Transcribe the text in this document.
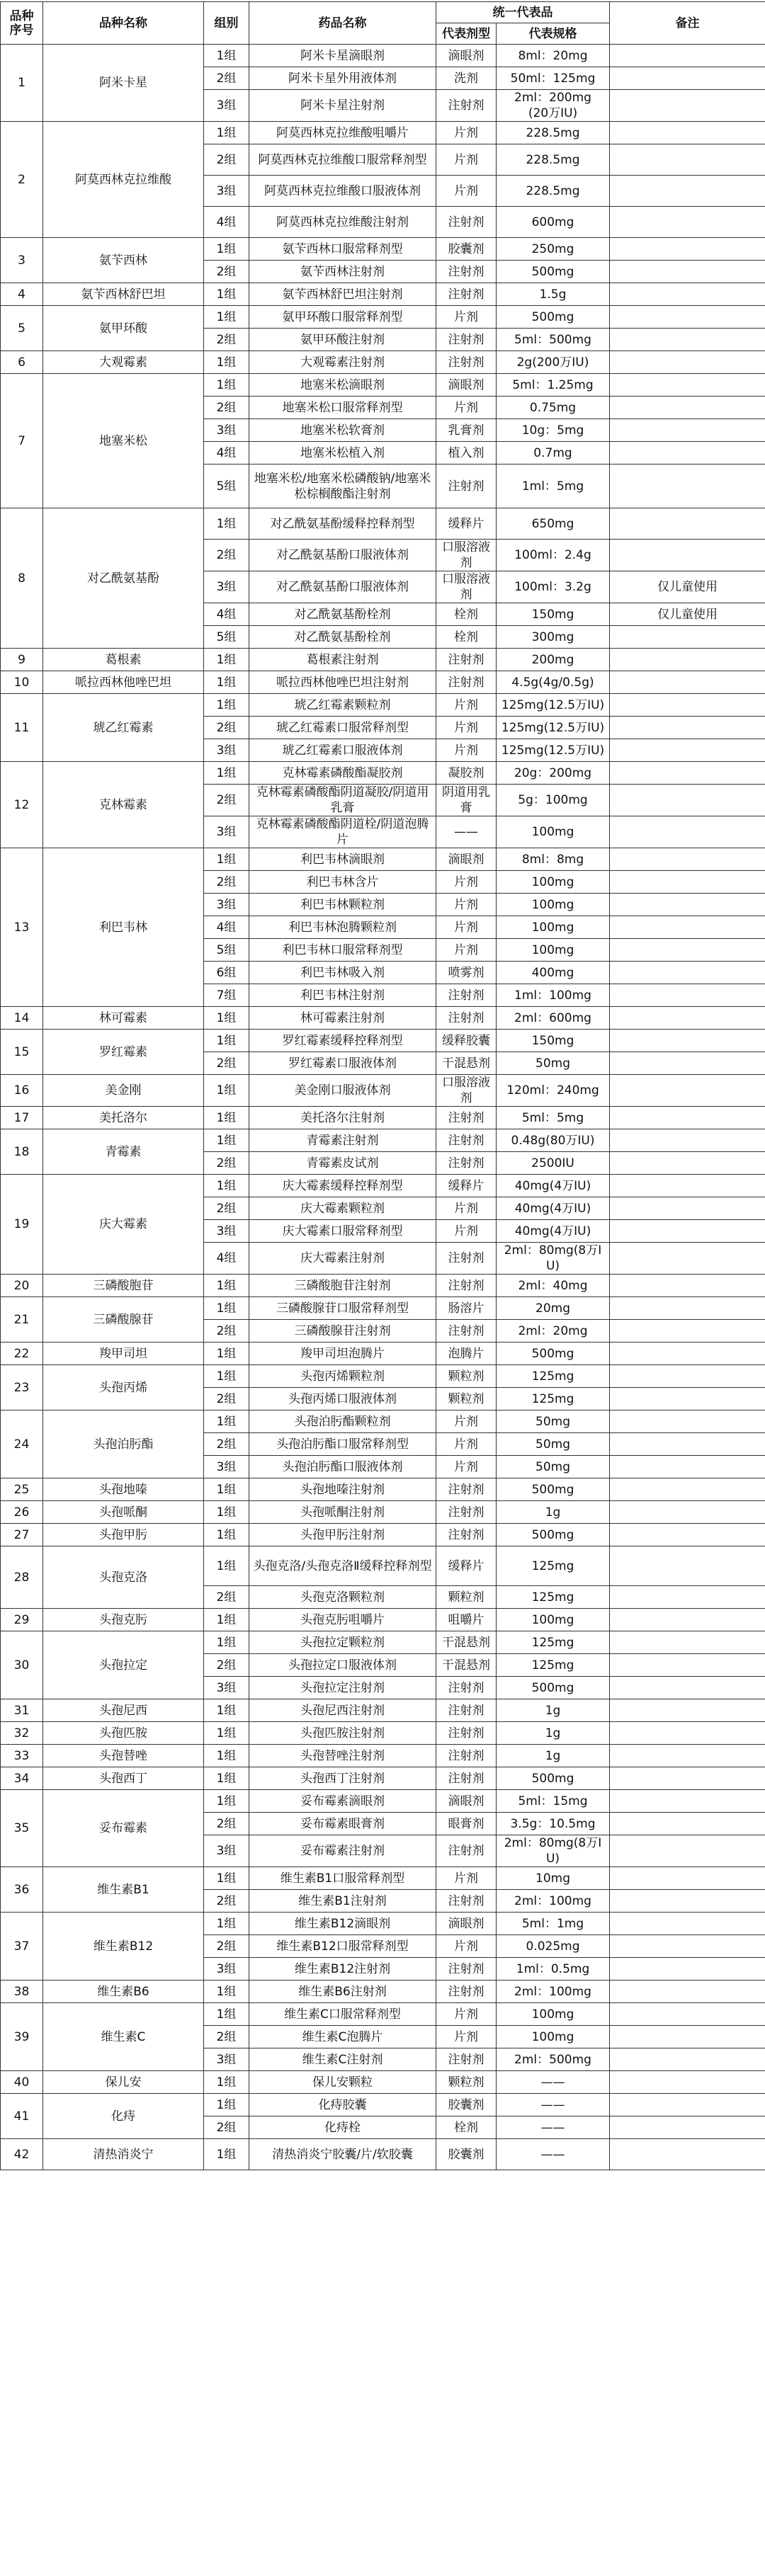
品种
序号	品种名称	组别	药品名称	统一代表品		备注
				代表剂型	代表规格	
1	阿米卡星	1组	阿米卡星滴眼剂	滴眼剂	8ml：20mg	
		2组	阿米卡星外用液体剂	洗剂	50ml：125mg	
		3组	阿米卡星注射剂	注射剂	2ml：200mg
(20万IU)	
2	阿莫西林克拉维酸	1组	阿莫西林克拉维酸咀嚼片	片剂	228.5mg	
		2组	阿莫西林克拉维酸口服常释剂型	片剂	228.5mg	
		3组	阿莫西林克拉维酸口服液体剂	片剂	228.5mg	
		4组	阿莫西林克拉维酸注射剂	注射剂	600mg	
3	氨苄西林	1组	氨苄西林口服常释剂型	胶囊剂	250mg	
		2组	氨苄西林注射剂	注射剂	500mg	
4	氨苄西林舒巴坦	1组	氨苄西林舒巴坦注射剂	注射剂	1.5g	
5	氨甲环酸	1组	氨甲环酸口服常释剂型	片剂	500mg	
		2组	氨甲环酸注射剂	注射剂	5ml：500mg	
6	大观霉素	1组	大观霉素注射剂	注射剂	2g(200万IU)	
7	地塞米松	1组	地塞米松滴眼剂	滴眼剂	5ml：1.25mg	
		2组	地塞米松口服常释剂型	片剂	0.75mg	
		3组	地塞米松软膏剂	乳膏剂	10g：5mg	
		4组	地塞米松植入剂	植入剂	0.7mg	
		5组	地塞米松/地塞米松磷酸钠/地塞米松棕榈酸酯注射剂	注射剂	1ml：5mg	
8	对乙酰氨基酚	1组	对乙酰氨基酚缓释控释剂型	缓释片	650mg	
		2组	对乙酰氨基酚口服液体剂	口服溶液剂	100ml：2.4g	
		3组	对乙酰氨基酚口服液体剂	口服溶液剂	100ml：3.2g	仅儿童使用
		4组	对乙酰氨基酚栓剂	栓剂	150mg	仅儿童使用
		5组	对乙酰氨基酚栓剂	栓剂	300mg	
9	葛根素	1组	葛根素注射剂	注射剂	200mg	
10	哌拉西林他唑巴坦	1组	哌拉西林他唑巴坦注射剂	注射剂	4.5g(4g/0.5g)	
11	琥乙红霉素	1组	琥乙红霉素颗粒剂	片剂	125mg(12.5万IU)	
		2组	琥乙红霉素口服常释剂型	片剂	125mg(12.5万IU)	
		3组	琥乙红霉素口服液体剂	片剂	125mg(12.5万IU)	
12	克林霉素	1组	克林霉素磷酸酯凝胶剂	凝胶剂	20g：200mg	
		2组	克林霉素磷酸酯阴道凝胶/阴道用乳膏	阴道用乳膏	5g：100mg	
		3组	克林霉素磷酸酯阴道栓/阴道泡腾片	——	100mg	
13	利巴韦林	1组	利巴韦林滴眼剂	滴眼剂	8ml：8mg	
		2组	利巴韦林含片	片剂	100mg	
		3组	利巴韦林颗粒剂	片剂	100mg	
		4组	利巴韦林泡腾颗粒剂	片剂	100mg	
		5组	利巴韦林口服常释剂型	片剂	100mg	
		6组	利巴韦林吸入剂	喷雾剂	400mg	
		7组	利巴韦林注射剂	注射剂	1ml：100mg	
14	林可霉素	1组	林可霉素注射剂	注射剂	2ml：600mg	
15	罗红霉素	1组	罗红霉素缓释控释剂型	缓释胶囊	150mg	
		2组	罗红霉素口服液体剂	干混悬剂	50mg	
16	美金刚	1组	美金刚口服液体剂	口服溶液剂	120ml：240mg	
17	美托洛尔	1组	美托洛尔注射剂	注射剂	5ml：5mg	
18	青霉素	1组	青霉素注射剂	注射剂	0.48g(80万IU)	
		2组	青霉素皮试剂	注射剂	2500IU	
19	庆大霉素	1组	庆大霉素缓释控释剂型	缓释片	40mg(4万IU)	
		2组	庆大霉素颗粒剂	片剂	40mg(4万IU)	
		3组	庆大霉素口服常释剂型	片剂	40mg(4万IU)	
		4组	庆大霉素注射剂	注射剂	2ml：80mg(8万IU)	
20	三磷酸胞苷	1组	三磷酸胞苷注射剂	注射剂	2ml：40mg	
21	三磷酸腺苷	1组	三磷酸腺苷口服常释剂型	肠溶片	20mg	
		2组	三磷酸腺苷注射剂	注射剂	2ml：20mg	
22	羧甲司坦	1组	羧甲司坦泡腾片	泡腾片	500mg	
23	头孢丙烯	1组	头孢丙烯颗粒剂	颗粒剂	125mg	
		2组	头孢丙烯口服液体剂	颗粒剂	125mg	
24	头孢泊肟酯	1组	头孢泊肟酯颗粒剂	片剂	50mg	
		2组	头孢泊肟酯口服常释剂型	片剂	50mg	
		3组	头孢泊肟酯口服液体剂	片剂	50mg	
25	头孢地嗪	1组	头孢地嗪注射剂	注射剂	500mg	
26	头孢哌酮	1组	头孢哌酮注射剂	注射剂	1g	
27	头孢甲肟	1组	头孢甲肟注射剂	注射剂	500mg	
28	头孢克洛	1组	头孢克洛/头孢克洛Ⅱ缓释控释剂型	缓释片	125mg	
		2组	头孢克洛颗粒剂	颗粒剂	125mg	
29	头孢克肟	1组	头孢克肟咀嚼片	咀嚼片	100mg	
30	头孢拉定	1组	头孢拉定颗粒剂	干混悬剂	125mg	
		2组	头孢拉定口服液体剂	干混悬剂	125mg	
		3组	头孢拉定注射剂	注射剂	500mg	
31	头孢尼西	1组	头孢尼西注射剂	注射剂	1g	
32	头孢匹胺	1组	头孢匹胺注射剂	注射剂	1g	
33	头孢替唑	1组	头孢替唑注射剂	注射剂	1g	
34	头孢西丁	1组	头孢西丁注射剂	注射剂	500mg	
35	妥布霉素	1组	妥布霉素滴眼剂	滴眼剂	5ml：15mg	
		2组	妥布霉素眼膏剂	眼膏剂	3.5g：10.5mg	
		3组	妥布霉素注射剂	注射剂	2ml：80mg(8万IU)	
36	维生素B1	1组	维生素B1口服常释剂型	片剂	10mg	
		2组	维生素B1注射剂	注射剂	2ml：100mg	
37	维生素B12	1组	维生素B12滴眼剂	滴眼剂	5ml：1mg	
		2组	维生素B12口服常释剂型	片剂	0.025mg	
		3组	维生素B12注射剂	注射剂	1ml：0.5mg	
38	维生素B6	1组	维生素B6注射剂	注射剂	2ml：100mg	
39	维生素C	1组	维生素C口服常释剂型	片剂	100mg	
		2组	维生素C泡腾片	片剂	100mg	
		3组	维生素C注射剂	注射剂	2ml：500mg	
40	保儿安	1组	保儿安颗粒	颗粒剂	——	
41	化痔	1组	化痔胶囊	胶囊剂	——	
		2组	化痔栓	栓剂	——	
42	清热消炎宁	1组	清热消炎宁胶囊/片/软胶囊	胶囊剂	——	
